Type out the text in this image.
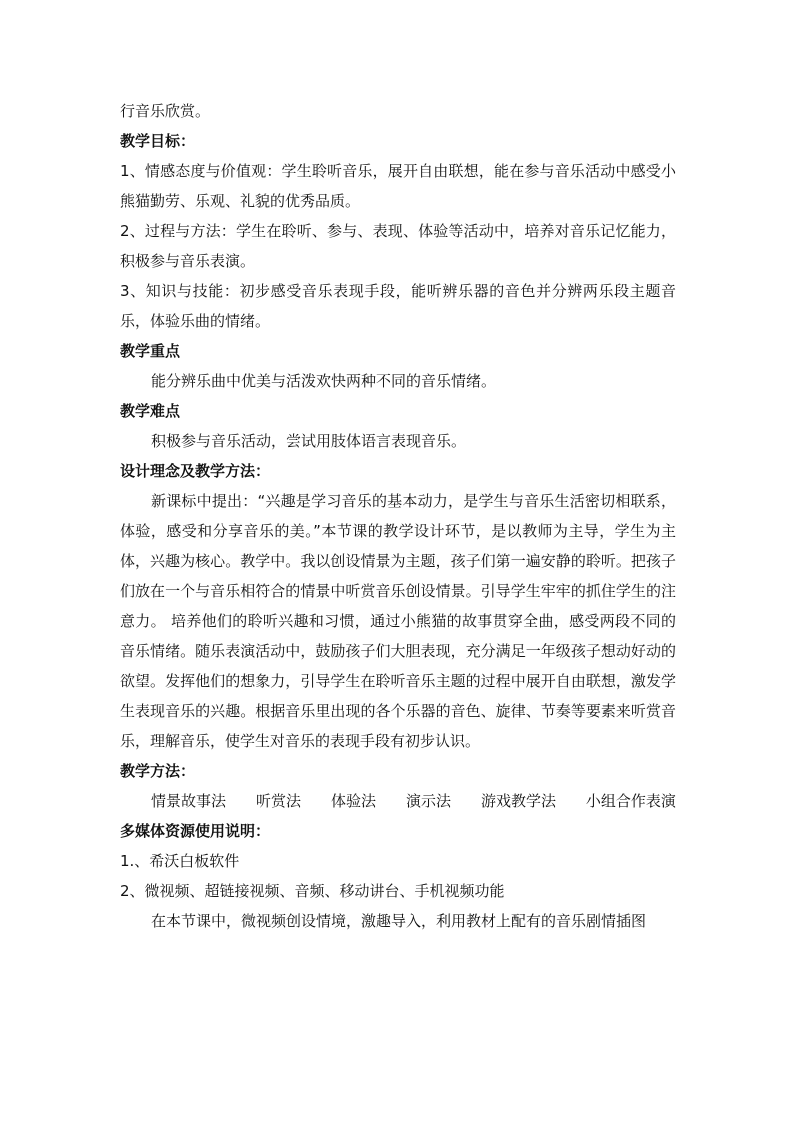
行音乐欣赏。
教学目标：
1、情感态度与价值观：学生聆听音乐，展开自由联想，能在参与音乐活动中感受小熊猫勤劳、乐观、礼貌的优秀品质。
2、过程与方法：学生在聆听、参与、表现、体验等活动中，培养对音乐记忆能力，积极参与音乐表演。
3、知识与技能：初步感受音乐表现手段，能听辨乐器的音色并分辨两乐段主题音乐，体验乐曲的情绪。
教学重点
能分辨乐曲中优美与活泼欢快两种不同的音乐情绪。
教学难点
积极参与音乐活动，尝试用肢体语言表现音乐。
设计理念及教学方法：
新课标中提出：“兴趣是学习音乐的基本动力，是学生与音乐生活密切相联系，体验，感受和分享音乐的美。”本节课的教学设计环节，是以教师为主导，学生为主体，兴趣为核心。教学中。我以创设情景为主题，孩子们第一遍安静的聆听。把孩子们放在一个与音乐相符合的情景中听赏音乐创设情景。引导学生牢牢的抓住学生的注意力。 培养他们的聆听兴趣和习惯，通过小熊猫的故事贯穿全曲，感受两段不同的音乐情绪。随乐表演活动中，鼓励孩子们大胆表现，充分满足一年级孩子想动好动的欲望。发挥他们的想象力，引导学生在聆听音乐主题的过程中展开自由联想，激发学生表现音乐的兴趣。根据音乐里出现的各个乐器的音色、旋律、节奏等要素来听赏音乐，理解音乐，使学生对音乐的表现手段有初步认识。
教学方法：
情景故事法 听赏法 体验法 演示法 游戏教学法 小组合作表演
多媒体资源使用说明：
1.、希沃白板软件
2、微视频、超链接视频、音频、移动讲台、手机视频功能
在本节课中，微视频创设情境，激趣导入，利用教材上配有的音乐剧情插图
